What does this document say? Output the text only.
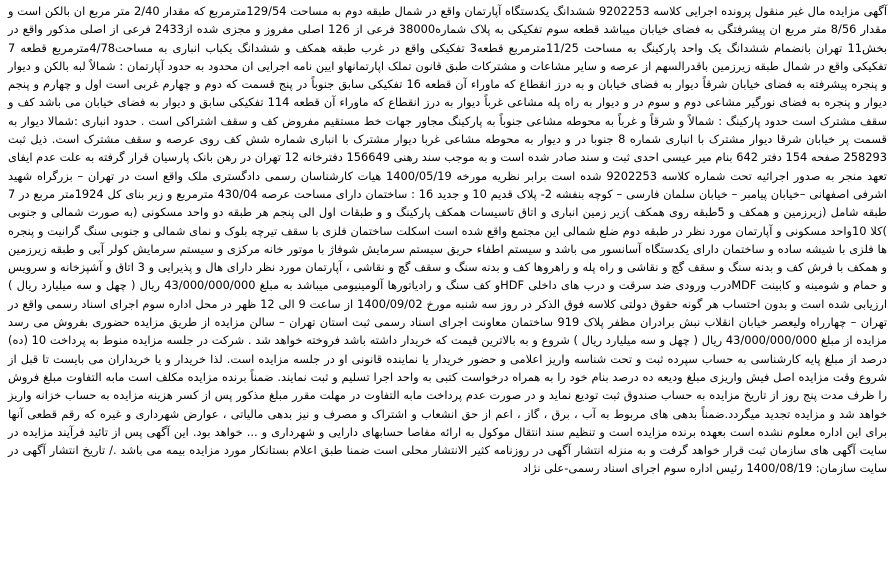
آگهی مزایده مال غیر منقول پرونده اجرایی کلاسه 9202253 ششدانگ یکدستگاه آپارتمان واقع در شمال طبقه دوم به مساحت 129/54مترمربع که مقدار 2/40 متر مربع ان بالکن است و مقدار 8/56 متر مربع ان پیشرفتگی به فضای خیابان میباشد قطعه سوم تفکیکی به پلاک شماره38000 فرعی از 126 اصلی مفروز و مجزی شده از2433 فرعی از اصلی مذکور واقع در بخش11 تهران بانضمام ششدانگ یک واحد پارکینگ به مساحت 11/25مترمربع قطعه3 تفکیکی واقع در غرب طبقه همکف و ششدانگ یکباب انباری به مساحت4/78مترمربع قطعه 7 تفکیکی واقع در شمال طبقه زیرزمین باقدرالسهم از عرصه و سایر مشاعات و مشترکات طبق قانون تملک اپارتمانهاو ایین نامه اجرایی ان محدود به حدود آپارتمان : شمالاً لبه بالکن و دیوار و پنجره پیشرفته به فضای خیابان شرقاً دیوار به فضای خیابان و به درز انقطاع که ماوراء آن قطعه 16 تفکیکی سابق جنوباً در پنج قسمت که دوم و چهارم غربی است اول و چهارم و پنجم دیوار و پنجره به فضای نورگیر مشاعی دوم و سوم در و دیوار به راه پله مشاعی غرباً دیوار به درز انقطاع که ماوراء آن قطعه 114 تفکیکی سابق و دیوار به فضای خیابان می باشد کف و سقف مشترک است حدود پارکینگ : شمالاً و شرقاً و غرباً به محوطه مشاعی جنوباً به پارکینگ مجاور جهات خط مستقیم مفروض کف و سقف اشتراکی است . حدود انباری :شمالا دیوار به قسمت پر خیابان شرقا دیوار مشترک با انباری شماره 8 جنوبا در و دیوار به محوطه مشاعی غربا دیوار مشترک با انباری شماره شش کف روی عرصه و سقف مشترک است. ذیل ثبت 258293 صفحه 154 دفتر 642 بنام میر عیسی احدی ثبت و سند صادر شده است و به موجب سند رهنی 156649 دفترخانه 12 تهران در رهن بانک پارسیان قرار گرفته به علت عدم ایفای تعهد منجر به صدور اجرائیه تحت شماره کلاسه 9202253 شده است برابر نظریه مورخه 1400/05/19 هیات کارشناسان رسمی دادگستری ملک واقع است در تهران – بزرگراه شهید اشرفی اصفهانی –خیابان پیامبر – خیابان سلمان فارسی – کوچه بنفشه 2- پلاک قدیم 10 و جدید 16 : ساختمان دارای مساحت عرصه 430/04 مترمربع و زیر بنای کل 1924متر مربع در 7 طبقه شامل (زیرزمین و همکف و 5طبقه روی همکف )زیر زمین انباری و اتاق تاسیسات همکف پارکینگ و و طبقات اول الی پنجم هر طبقه دو واحد مسکونی (به صورت شمالی و جنوبی )کلا 10واحد مسکونی و آپارتمان مورد نظر در طبقه دوم ضلع شمالی این مجتمع واقع شده است اسکلت ساختمان فلزی با سقف تیرچه بلوک و نمای شمالی و جنوبی سنگ گرانیت و پنجره ها فلزی با شیشه ساده و ساختمان دارای یکدستگاه آسانسور می باشد و سیستم اطفاء حریق سیستم سرمایش شوفاژ با موتور خانه مرکزی و سیستم سرمایش کولر آبی و طبقه زیرزمین و همکف با فرش کف و بدنه سنگ و سقف گچ و نقاشی و راه پله و راهروها کف و بدنه سنگ و سقف گچ و نقاشی ، آپارتمان مورد نظر دارای هال و پذیرایی و 3 اتاق و آشپزخانه و سرویس و حمام و شومینه و کابینت MDFدرب ورودی ضد سرقت و درب های داخلی HDFو کف سنگ و رادیاتورها آلومینیومی میباشد به مبلغ 43/000/000/000 ریال ( چهل و سه میلیارد ریال ) ارزیابی شده است و بدون احتساب هر گونه حقوق دولتی کلاسه فوق الذکر در روز سه شنبه مورخ 1400/09/02 از ساعت 9 الی 12 ظهر در محل اداره سوم اجرای اسناد رسمی واقع در تهران – چهارراه ولیعصر خیابان انقلاب نبش برادران مظفر پلاک 919 ساختمان معاونت اجرای اسناد رسمی ثبت استان تهران – سالن مزایده از طریق مزایده حضوری بفروش می رسد مزایده از مبلغ 43/000/000/000 ریال ( چهل و سه میلیارد ریال ) شروع و به بالاترین قیمت که خریدار داشته باشد فروخته خواهد شد . شرکت در جلسه مزایده منوط به پرداخت 10 (ده) درصد از مبلغ پایه کارشناسی به حساب سپرده ثبت و تحت شناسه واریز اعلامی و حضور خریدار یا نماینده قانونی او در جلسه مزایده است. لذا خریدار و یا خریداران می بایست تا قبل از شروع وقت مزایده اصل فیش واریزی مبلغ ودیعه ده درصد بنام خود را به همراه درخواست کتبی به واحد اجرا تسلیم و ثبت نمایند. ضمناً برنده مزایده مکلف است مابه التفاوت مبلغ فروش را ظرف مدت پنج روز از تاریخ مزایده به حساب صندوق ثبت تودیع نماید و در صورت عدم پرداخت مابه التفاوت در مهلت مقرر مبلغ مذکور پس از کسر هزینه مزایده به حساب خزانه واریز خواهد شد و مزایده تجدید میگردد.ضمناً بدهی های مربوط به آب ، برق ، گاز ، اعم از حق انشعاب و اشتراک و مصرف و نیز بدهی مالیاتی ، عوارض شهرداری و غیره که رقم قطعی آنها برای این اداره معلوم نشده است بعهده برنده مزایده است و تنظیم سند انتقال موکول به ارائه مفاصا حسابهای دارایی و شهرداری و ... خواهد بود. این آگهی پس از تائید فرآیند مزایده در سایت آگهی های سازمان ثبت قرار خواهد گرفت و به منزله انتشار آگهی در روزنامه کثیر الانتشار محلی است ضمنا طبق اعلام بستانکار مورد مزایده بیمه می باشد ./ تاریخ انتشار آگهی در سایت سازمان: 1400/08/19 رئیس اداره سوم اجرای اسناد رسمی-علی نژاد
